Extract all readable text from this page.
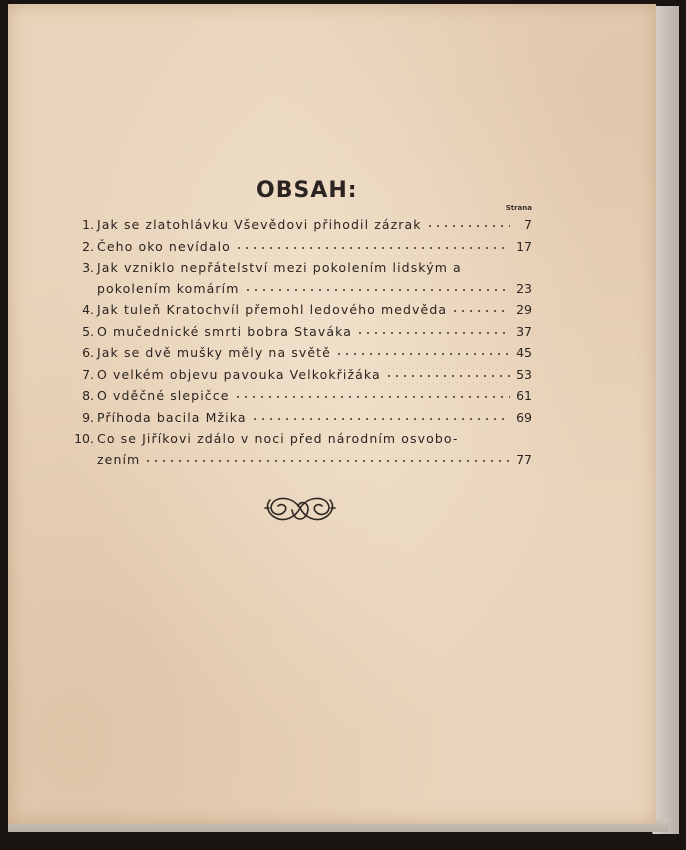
OBSAH:
Strana
1. Jak se zlatohlávku Vševědovi přihodil zázrak	7
2. Čeho oko nevídalo	17
3. Jak vzniklo nepřátelství mezi pokolením lidským a
pokolením komárím	23
4. Jak tuleň Kratochvíl přemohl ledového medvěda	29
5. O mučednické smrti bobra Staváka	37
6. Jak se dvě mušky měly na světě	45
7. O velkém objevu pavouka Velkokřižáka	53
8. O vděčné slepičce	61
9. Příhoda bacila Mžika	69
10. Co se Jiříkovi zdálo v noci před národním osvobo-
zením	77
